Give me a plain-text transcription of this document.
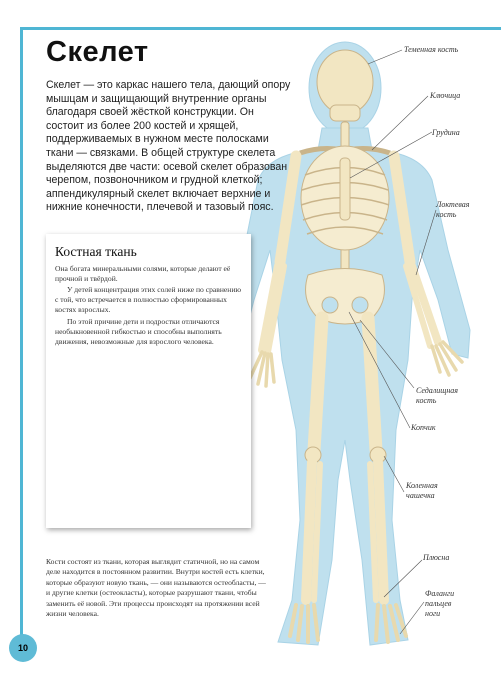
Теменная кость
Ключица
Грудина
Локтевая
кость
Седалищная
кость
Копчик
Коленная
чашечка
Плюсна
Фаланги
пальцев
ноги
Скелет

Скелет — это каркас нашего тела, дающий опору мышцам и защищающий внутренние органы благодаря своей жёсткой конструкции. Он состоит из более 200 костей и хрящей, поддерживаемых в нужном месте полосками ткани — связками. В общей структуре скелета выделяются две части: осевой скелет образован черепом, позвоночником и грудной клеткой; аппендикулярный скелет включает верхние и нижние конечности, плечевой и тазовый пояс.

Костная ткань

Она богата минеральными солями, которые делают её прочной и твёрдой.

У детей концентрация этих солей ниже по сравнению с той, что встречается в полностью сформированных костях взрослых.

По этой причине дети и подростки отличаются необыкновенной гибкостью и способны выполнять движения, невозможные для взрослого человека.

Кости состоят из ткани, которая выглядит статичной, но на самом деле находится в постоянном развитии. Внутри костей есть клетки, которые образуют новую ткань, — они называются остеобласты, — и другие клетки (остеокласты), которые разрушают ткани, чтобы заменить её новой. Эти процессы происходят на протяжении всей жизни человека.

10
